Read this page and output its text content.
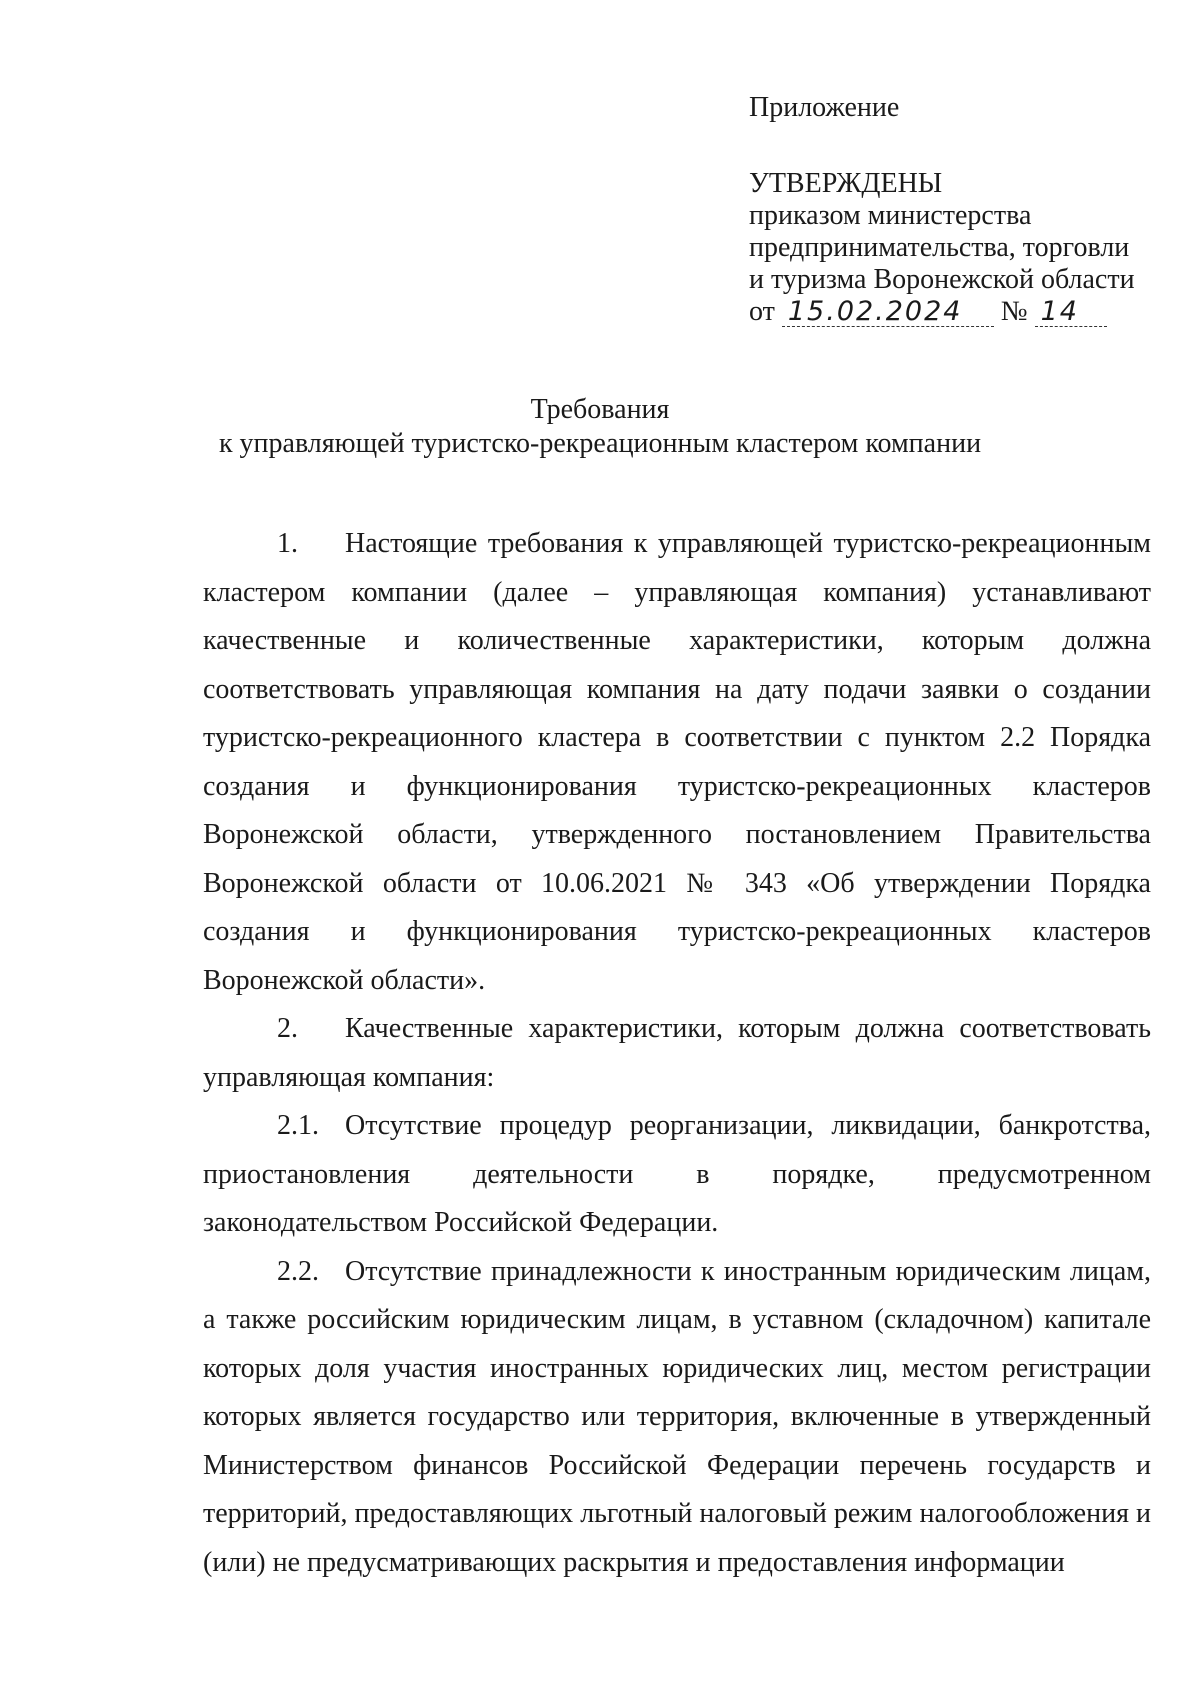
Приложение
УТВЕРЖДЕНЫ
приказом министерства
предпринимательства, торговли
и туризма Воронежской области
от 15.02.2024 № 14
Требования
к управляющей туристско-рекреационным кластером компании

1. Настоящие требования к управляющей туристско-рекреационным кластером компании (далее – управляющая компания) устанавливают качественные и количественные характеристики, которым должна соответствовать управляющая компания на дату подачи заявки о создании туристско-рекреационного кластера в соответствии с пунктом 2.2 Порядка создания и функционирования туристско-рекреационных кластеров Воронежской области, утвержденного постановлением Правительства Воронежской области от 10.06.2021 № 343 «Об утверждении Порядка создания и функционирования туристско-рекреационных кластеров Воронежской области».

2. Качественные характеристики, которым должна соответствовать управляющая компания:

2.1. Отсутствие процедур реорганизации, ликвидации, банкротства, приостановления деятельности в порядке, предусмотренном законодательством Российской Федерации.

2.2. Отсутствие принадлежности к иностранным юридическим лицам, а также российским юридическим лицам, в уставном (складочном) капитале которых доля участия иностранных юридических лиц, местом регистрации которых является государство или территория, включенные в утвержденный Министерством финансов Российской Федерации перечень государств и территорий, предоставляющих льготный налоговый режим налогообложения и (или) не предусматривающих раскрытия и предоставления информации
